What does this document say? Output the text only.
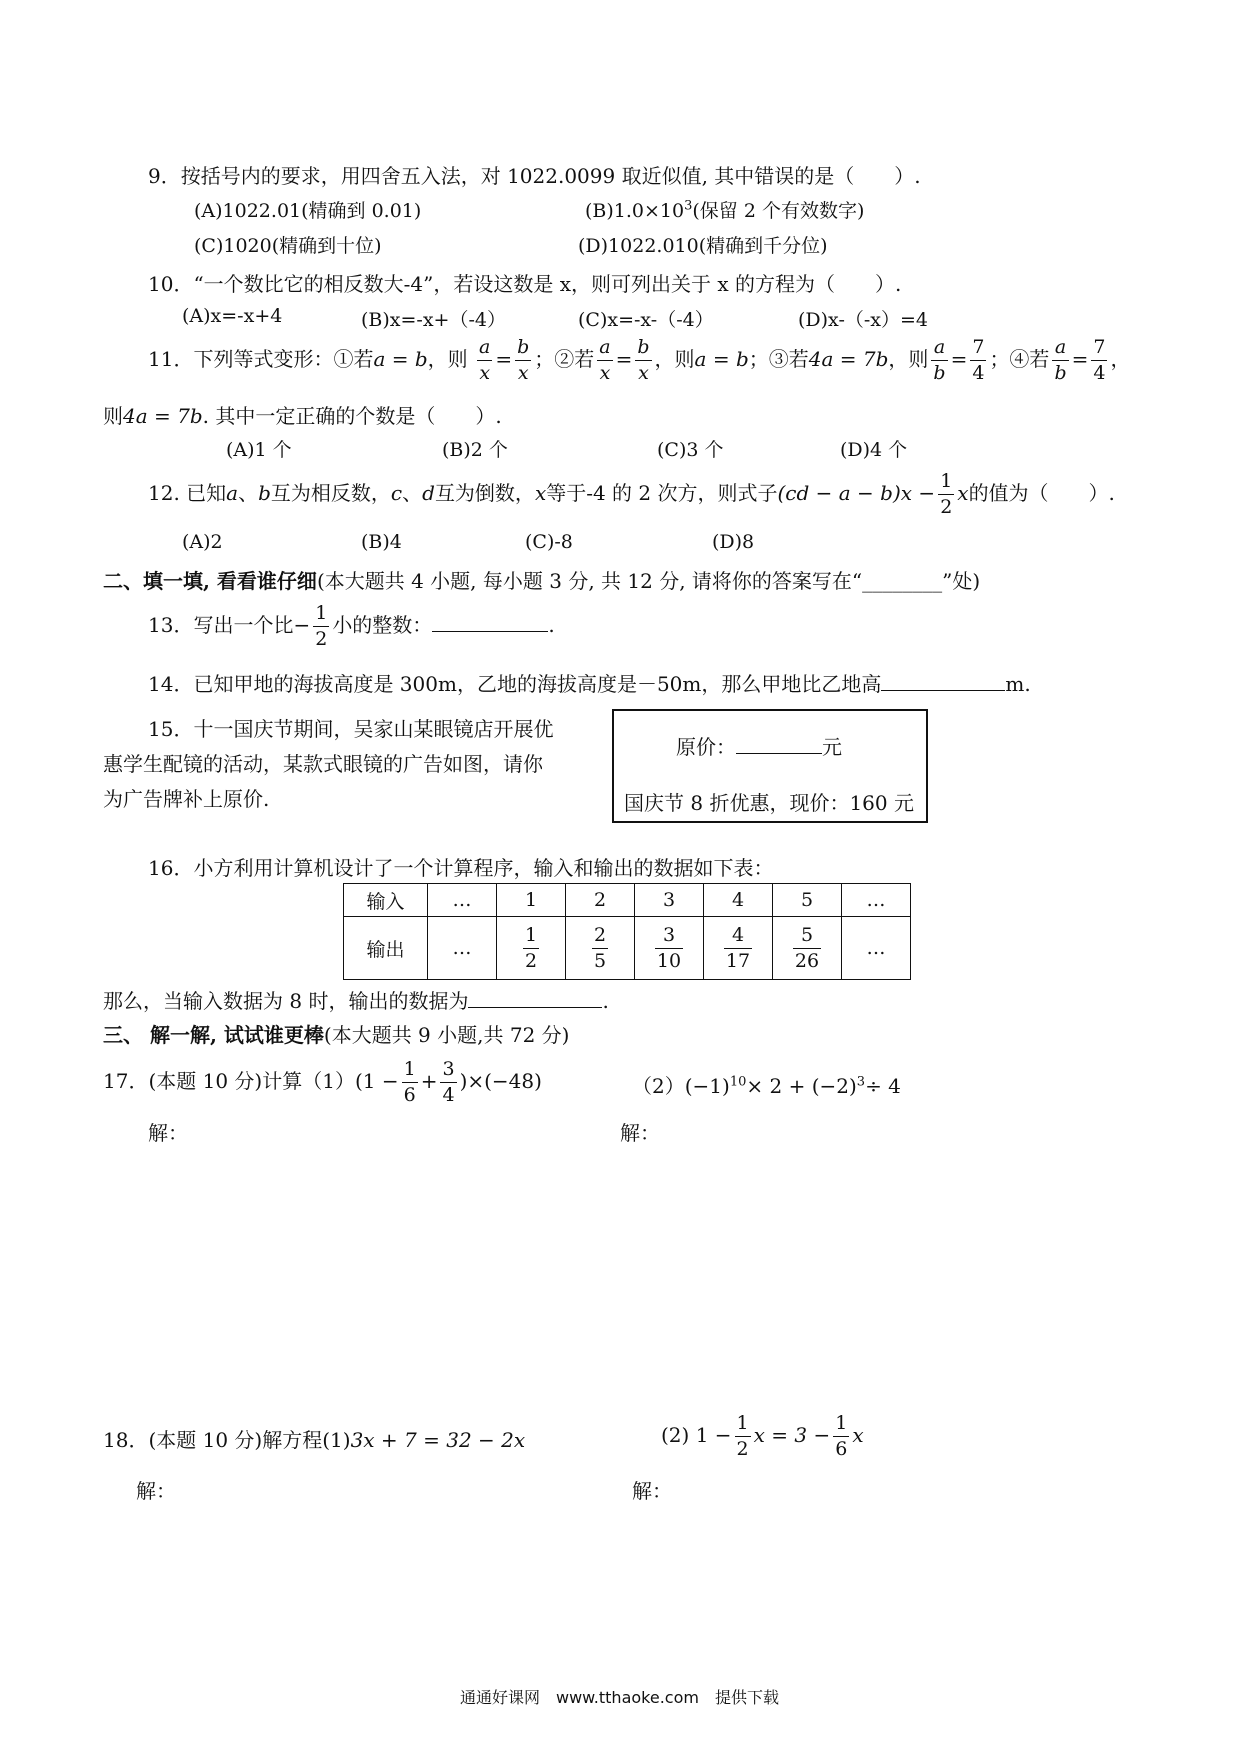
9．按括号内的要求，用四舍五入法，对 1022.0099 取近似值, 其中错误的是（　　）.
(A)1022.01(精确到 0.01)	$(B)1.0\times 10^3$(保留 2 个有效数字)
(C)1020(精确到十位)	(D)1022.010(精确到千分位)
10．“一个数比它的相反数大-4”，若设这数是 x，则可列出关于 x 的方程为（　　）.
(A)x=-x+4	(B)x=-x+（-4）	(C)x=-x-（-4）	(D)x-（-x）=4
11．下列等式变形：①若a = b，则 $\frac{a}{x} = \frac{b}{x}$ ；②若 $\frac{a}{x} = \frac{b}{x}$ ，则a = b；③若4a = 7b，则 $\frac{a}{b} = \frac{7}{4}$ ；④若 $\frac{a}{b} = \frac{7}{4}$ ，
则4a = 7b. 其中一定正确的个数是（　　）.
(A)1 个	(B)2 个	(C)3 个	(D)4 个
12. 已知a、b互为相反数，c、d互为倒数，x等于-4 的 2 次方，则式子$(cd - a - b)x - \frac{1}{2}$ x的值为（　　）.
(A)2	(B)4	(C)-8	(D)8
二、填一填, 看看谁仔细(本大题共 4 小题, 每小题 3 分, 共 12 分, 请将你的答案写在“________”处)
13．写出一个比− $\frac{1}{2}$ 小的整数：	.
14．已知甲地的海拔高度是 300m，乙地的海拔高度是－50m，那么甲地比乙地高	m.
15．十一国庆节期间，吴家山某眼镜店开展优
惠学生配镜的活动，某款式眼镜的广告如图，请你
为广告牌补上原价.
原价：	元
国庆节 8 折优惠，现价：160 元
16．小方利用计算机设计了一个计算程序，输入和输出的数据如下表：
输入	…	1	2	3	4	5	…
输出	…	$\frac{1}{2}$	$\frac{2}{5}$	$\frac{3}{10}$	$\frac{4}{17}$	$\frac{5}{26}$	…
那么，当输入数据为 8 时，输出的数据为	.
三、 解一解, 试试谁更棒(本大题共 9 小题,共 72 分)
17．(本题 10 分)计算$(1)(1 - \frac{1}{6} + \frac{3}{4} )\times(-48)$	$(2)(-1)^{10}\times 2 + (-2)^3\div 4$
解：	解：
18．(本题 10 分)解方程(1)3x + 7 = 32 − 2x	(2) $1 - \frac{1}{2}$ $x = 3 - \frac{1}{6}$ x
解：	解：
通通好课网　www.tthaoke.com　提供下载
